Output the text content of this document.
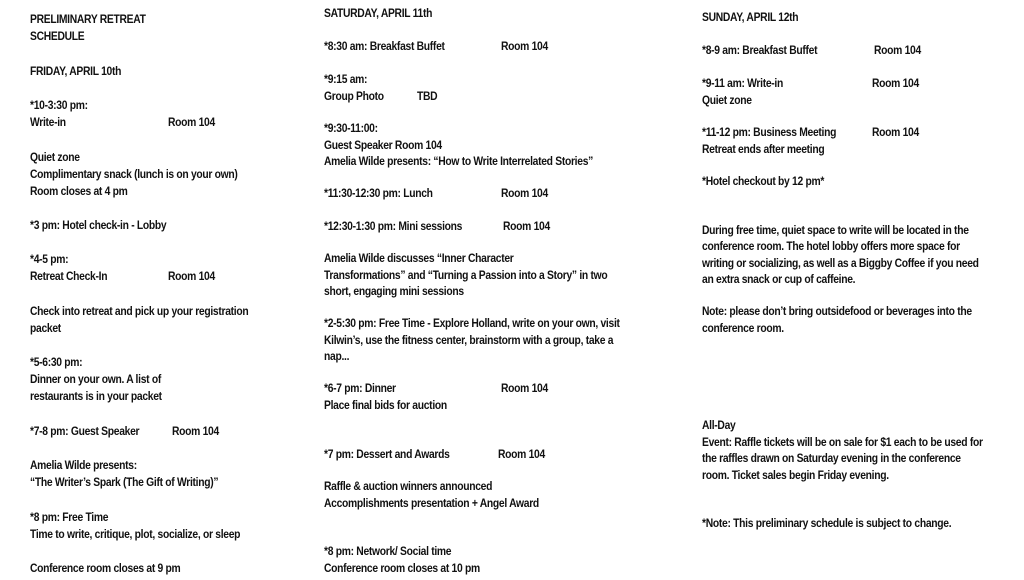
PRELIMINARY RETREAT
SCHEDULE
FRIDAY, APRIL 10th
*10-3:30 pm:
Write-in	Room 104
Quiet zone
Complimentary snack (lunch is on your own)
Room closes at 4 pm
*3 pm: Hotel check-in - Lobby
*4-5 pm:
Retreat Check-In	Room 104
Check into retreat and pick up your registration
packet
*5-6:30 pm:
Dinner on your own. A list of
restaurants is in your packet
*7-8 pm: Guest Speaker	Room 104
Amelia Wilde presents:
“The Writer’s Spark (The Gift of Writing)”
*8 pm: Free Time
Time to write, critique, plot, socialize, or sleep
Conference room closes at 9 pm
SATURDAY, APRIL 11th
*8:30 am: Breakfast Buffet	Room 104
*9:15 am:
Group Photo	TBD
*9:30-11:00:
Guest Speaker Room 104
Amelia Wilde presents: “How to Write Interrelated Stories”
*11:30-12:30 pm: Lunch	Room 104
*12:30-1:30 pm: Mini sessions	Room 104
Amelia Wilde discusses “Inner Character
Transformations” and “Turning a Passion into a Story” in two
short, engaging mini sessions
*2-5:30 pm: Free Time - Explore Holland, write on your own, visit
Kilwin’s, use the fitness center, brainstorm with a group, take a
nap...
*6-7 pm: Dinner	Room 104
Place final bids for auction
*7 pm: Dessert and Awards	Room 104
Raffle & auction winners announced
Accomplishments presentation + Angel Award
*8 pm: Network/ Social time
Conference room closes at 10 pm
SUNDAY, APRIL 12th
*8-9 am: Breakfast Buffet	Room 104
*9-11 am: Write-in	Room 104
Quiet zone
*11-12 pm: Business Meeting	Room 104
Retreat ends after meeting
*Hotel checkout by 12 pm*
During free time, quiet space to write will be located in the
conference room. The hotel lobby offers more space for
writing or socializing, as well as a Biggby Coffee if you need
an extra snack or cup of caffeine.
Note: please don’t bring outsidefood or beverages into the
conference room.
All-Day
Event: Raffle tickets will be on sale for $1 each to be used for
the raffles drawn on Saturday evening in the conference
room. Ticket sales begin Friday evening.
*Note: This preliminary schedule is subject to change.
